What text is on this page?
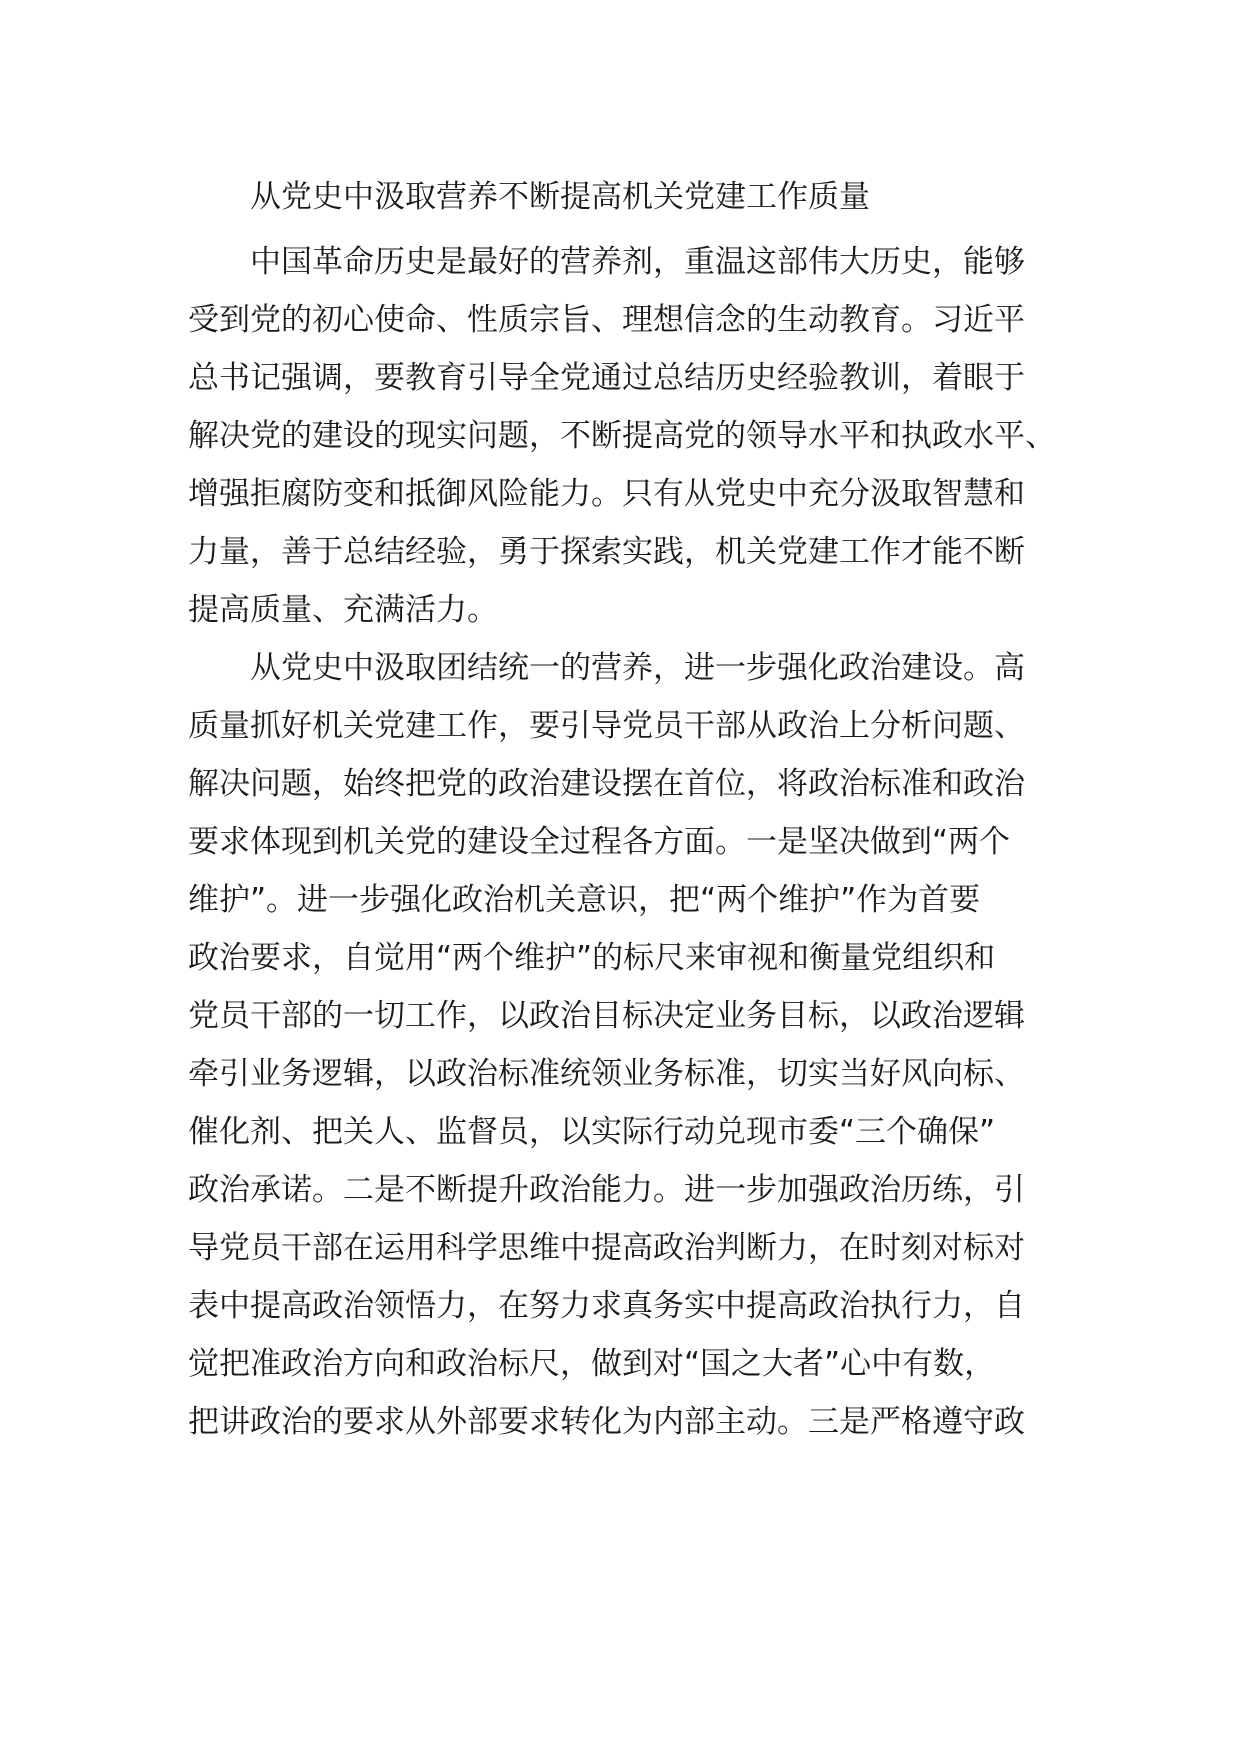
从党史中汲取营养不断提高机关党建工作质量

中国革命历史是最好的营养剂，重温这部伟大历史，能够

受到党的初心使命、性质宗旨、理想信念的生动教育。习近平

总书记强调，要教育引导全党通过总结历史经验教训，着眼于

解决党的建设的现实问题，不断提高党的领导水平和执政水平、

增强拒腐防变和抵御风险能力。只有从党史中充分汲取智慧和

力量，善于总结经验，勇于探索实践，机关党建工作才能不断

提高质量、充满活力。

从党史中汲取团结统一的营养，进一步强化政治建设。高

质量抓好机关党建工作，要引导党员干部从政治上分析问题、

解决问题，始终把党的政治建设摆在首位，将政治标准和政治

要求体现到机关党的建设全过程各方面。一是坚决做到“两个

维护”。进一步强化政治机关意识，把“两个维护”作为首要

政治要求，自觉用“两个维护”的标尺来审视和衡量党组织和

党员干部的一切工作，以政治目标决定业务目标，以政治逻辑

牵引业务逻辑，以政治标准统领业务标准，切实当好风向标、

催化剂、把关人、监督员，以实际行动兑现市委“三个确保”

政治承诺。二是不断提升政治能力。进一步加强政治历练，引

导党员干部在运用科学思维中提高政治判断力，在时刻对标对

表中提高政治领悟力，在努力求真务实中提高政治执行力，自

觉把准政治方向和政治标尺，做到对“国之大者”心中有数，

把讲政治的要求从外部要求转化为内部主动。三是严格遵守政
